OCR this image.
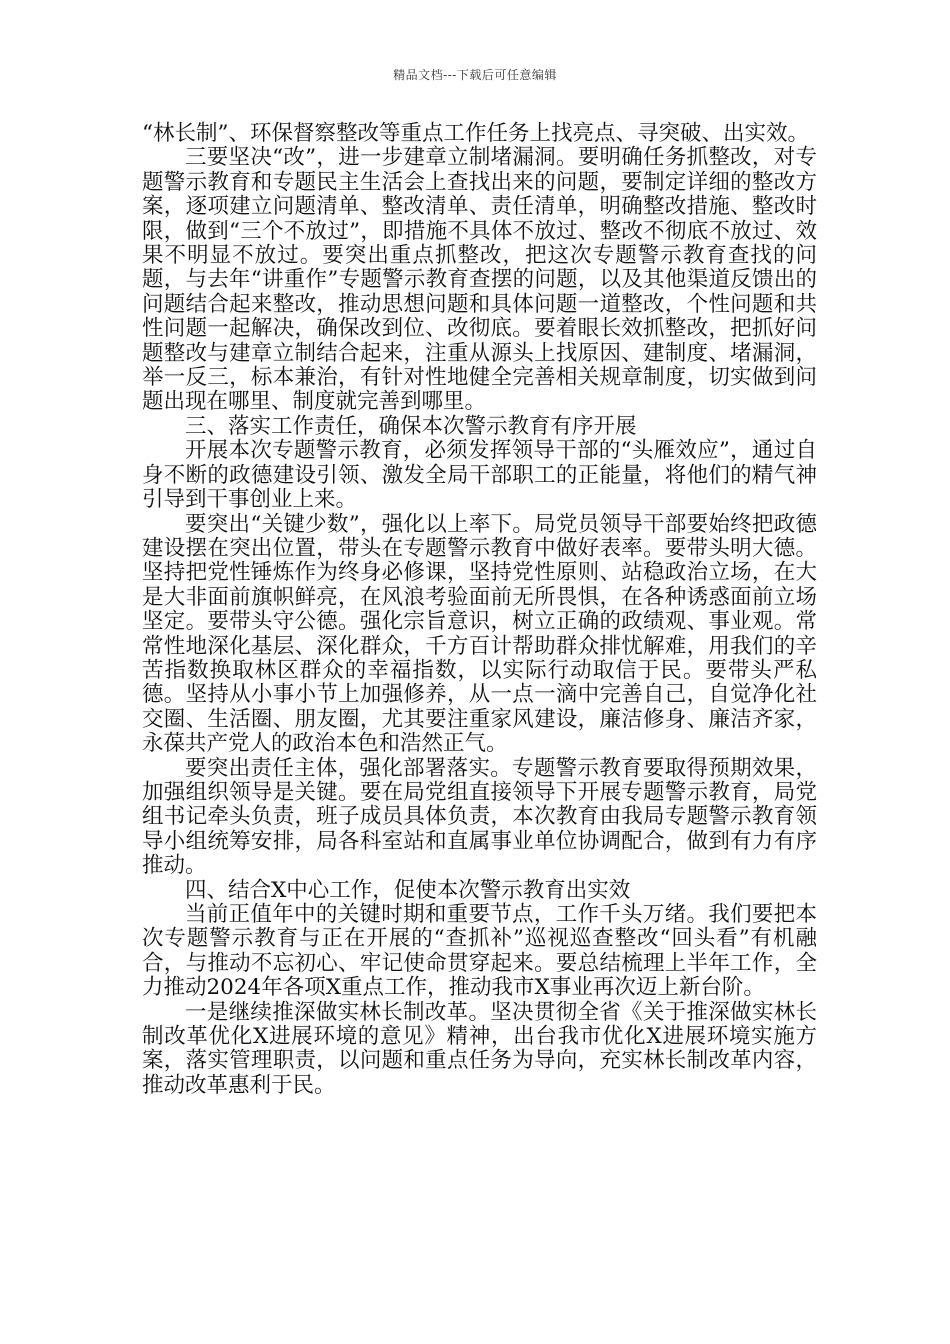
精品文档---下载后可任意编辑

“林长制”、环保督察整改等重点工作任务上找亮点、寻突破、出实效。

三要坚决“改”，进一步建章立制堵漏洞。要明确任务抓整改，对专题警示教育和专题民主生活会上查找出来的问题，要制定详细的整改方案，逐项建立问题清单、整改清单、责任清单，明确整改措施、整改时限，做到“三个不放过”，即措施不具体不放过、整改不彻底不放过、效果不明显不放过。要突出重点抓整改，把这次专题警示教育查找的问题，与去年“讲重作”专题警示教育查摆的问题，以及其他渠道反馈出的问题结合起来整改，推动思想问题和具体问题一道整改，个性问题和共性问题一起解决，确保改到位、改彻底。要着眼长效抓整改，把抓好问题整改与建章立制结合起来，注重从源头上找原因、建制度、堵漏洞，举一反三，标本兼治，有针对性地健全完善相关规章制度，切实做到问题出现在哪里、制度就完善到哪里。

三、落实工作责任，确保本次警示教育有序开展

开展本次专题警示教育，必须发挥领导干部的“头雁效应”，通过自身不断的政德建设引领、激发全局干部职工的正能量，将他们的精气神引导到干事创业上来。

要突出“关键少数”，强化以上率下。局党员领导干部要始终把政德建设摆在突出位置，带头在专题警示教育中做好表率。要带头明大德。坚持把党性锤炼作为终身必修课，坚持党性原则、站稳政治立场，在大是大非面前旗帜鲜亮，在风浪考验面前无所畏惧，在各种诱惑面前立场坚定。要带头守公德。强化宗旨意识，树立正确的政绩观、事业观。常常性地深化基层、深化群众，千方百计帮助群众排忧解难，用我们的辛苦指数换取林区群众的幸福指数，以实际行动取信于民。要带头严私德。坚持从小事小节上加强修养，从一点一滴中完善自己，自觉净化社交圈、生活圈、朋友圈，尤其要注重家风建设，廉洁修身、廉洁齐家，永葆共产党人的政治本色和浩然正气。

要突出责任主体，强化部署落实。专题警示教育要取得预期效果，加强组织领导是关键。要在局党组直接领导下开展专题警示教育，局党组书记牵头负责，班子成员具体负责，本次教育由我局专题警示教育领导小组统筹安排，局各科室站和直属事业单位协调配合，做到有力有序推动。

四、结合X中心工作，促使本次警示教育出实效

当前正值年中的关键时期和重要节点，工作千头万绪。我们要把本次专题警示教育与正在开展的“查抓补”巡视巡查整改“回头看”有机融合，与推动不忘初心、牢记使命贯穿起来。要总结梳理上半年工作，全力推动2024年各项X重点工作，推动我市X事业再次迈上新台阶。

一是继续推深做实林长制改革。坚决贯彻全省《关于推深做实林长制改革优化X进展环境的意见》精神，出台我市优化X进展环境实施方案，落实管理职责，以问题和重点任务为导向，充实林长制改革内容，推动改革惠利于民。
